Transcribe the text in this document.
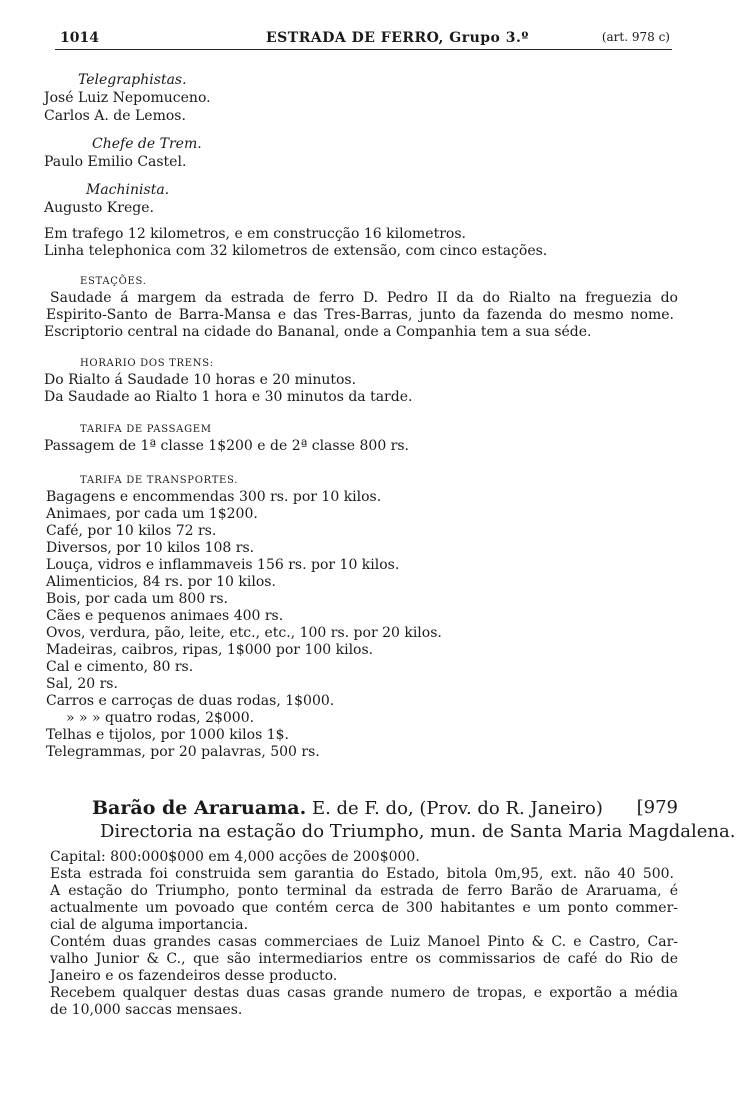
1014	ESTRADA DE FERRO, Grupo 3.º	(art. 978 c)
Telegraphistas.
José Luiz Nepomuceno.
Carlos A. de Lemos.
Chefe de Trem.
Paulo Emilio Castel.
Machinista.
Augusto Krege.
Em trafego 12 kilometros, e em construcção 16 kilometros.
Linha telephonica com 32 kilometros de extensão, com cinco estações.
ESTAÇÕES.
Saudade á margem da estrada de ferro D. Pedro II da do Rialto na freguezia do
Espirito-Santo de Barra-Mansa e das Tres-Barras, junto da fazenda do mesmo nome.
Escriptorio central na cidade do Bananal, onde a Companhia tem a sua séde.
HORARIO DOS TRENS:
Do Rialto á Saudade 10 horas e 20 minutos.
Da Saudade ao Rialto 1 hora e 30 minutos da tarde.
TARIFA DE PASSAGEM
Passagem de 1ª classe 1$200 e de 2ª classe 800 rs.
TARIFA DE TRANSPORTES.
Bagagens e encommendas 300 rs. por 10 kilos.
Animaes, por cada um 1$200.
Café, por 10 kilos 72 rs.
Diversos, por 10 kilos 108 rs.
Louça, vidros e inflammaveis 156 rs. por 10 kilos.
Alimenticios, 84 rs. por 10 kilos.
Bois, por cada um 800 rs.
Cães e pequenos animaes 400 rs.
Ovos, verdura, pão, leite, etc., etc., 100 rs. por 20 kilos.
Madeiras, caibros, ripas, 1$000 por 100 kilos.
Cal e cimento, 80 rs.
Sal, 20 rs.
Carros e carroças de duas rodas, 1$000.
» » » quatro rodas, 2$000.
Telhas e tijolos, por 1000 kilos 1$.
Telegrammas, por 20 palavras, 500 rs.
Barão de Araruama. E. de F. do, (Prov. do R. Janeiro) [979
Directoria na estação do Triumpho, mun. de Santa Maria Magdalena.
Capital: 800:000$000 em 4,000 acções de 200$000.
Esta estrada foi construida sem garantia do Estado, bitola 0m,95, ext. não 40 500.
A estação do Triumpho, ponto terminal da estrada de ferro Barão de Araruama, é
actualmente um povoado que contém cerca de 300 habitantes e um ponto commer-
cial de alguma importancia.
Contém duas grandes casas commerciaes de Luiz Manoel Pinto & C. e Castro, Car-
valho Junior & C., que são intermediarios entre os commissarios de café do Rio de
Janeiro e os fazendeiros desse producto.
Recebem qualquer destas duas casas grande numero de tropas, e exportão a média
de 10,000 saccas mensaes.
